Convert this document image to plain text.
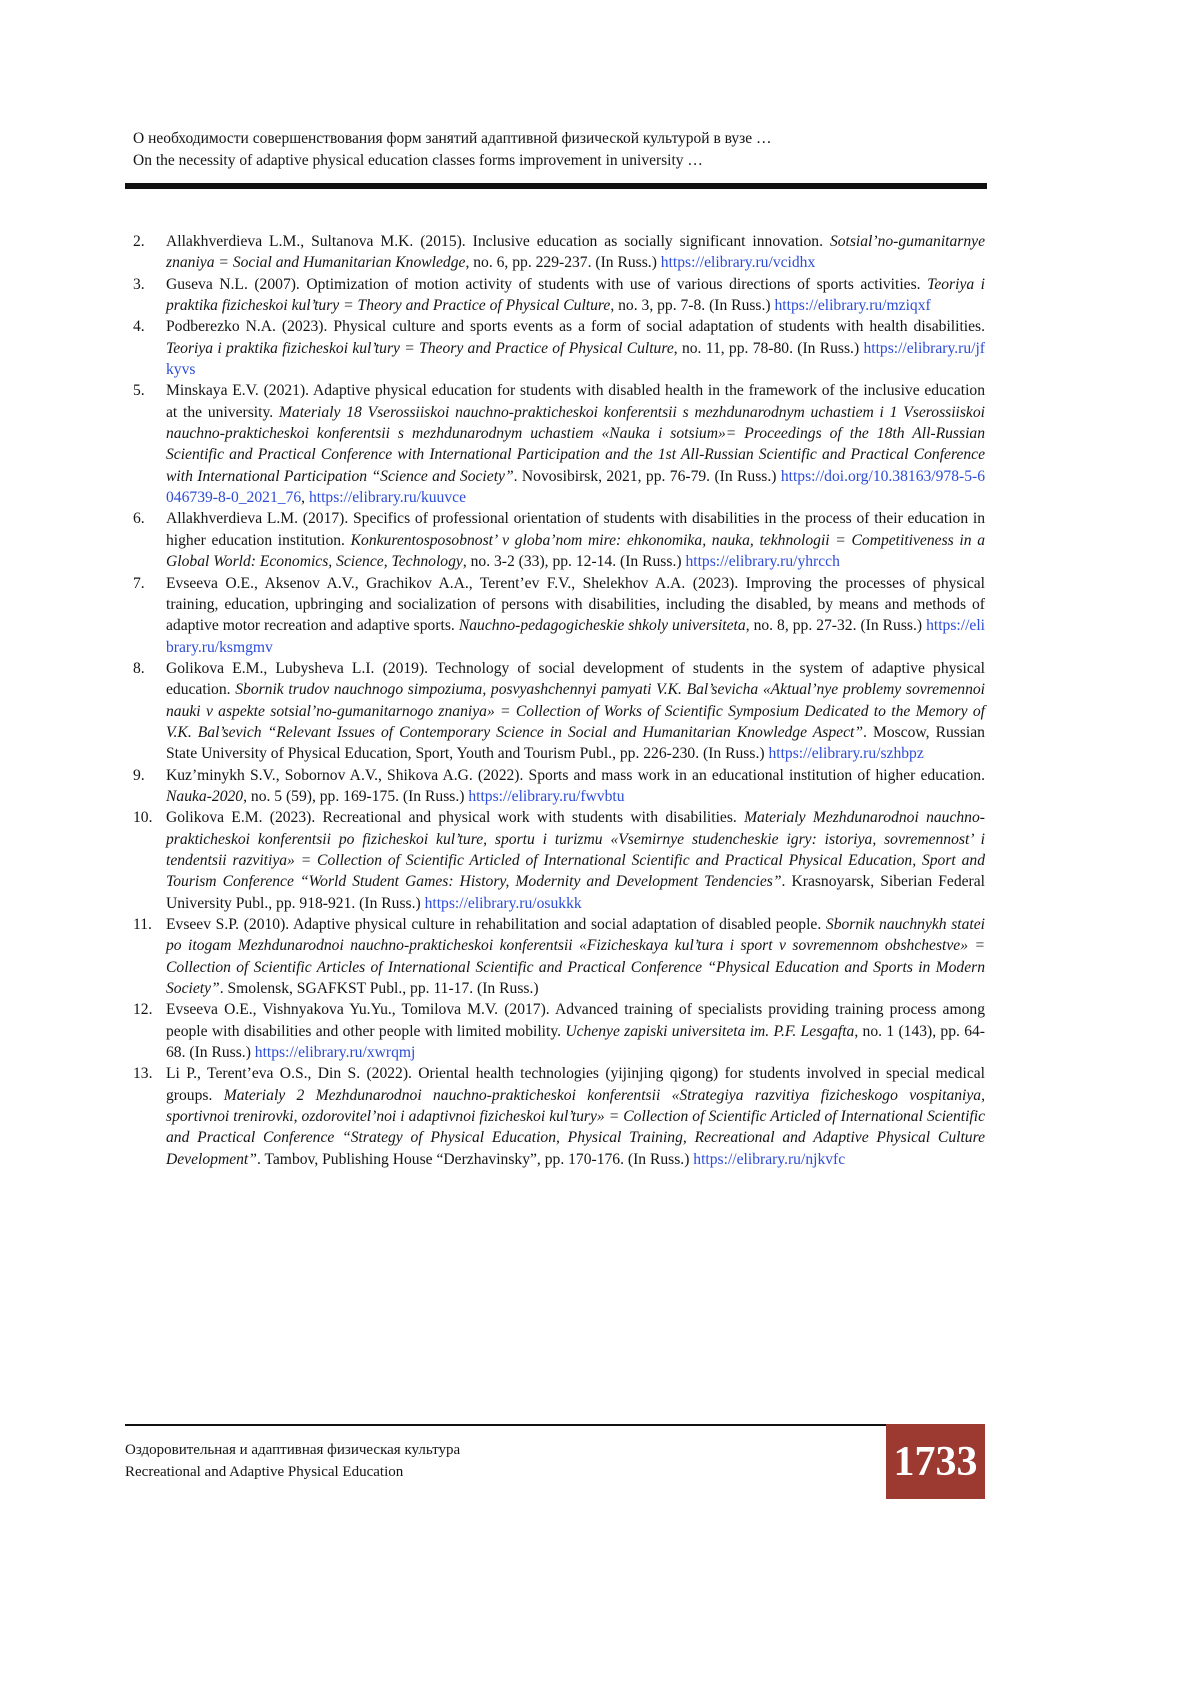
О необходимости совершенствования форм занятий адаптивной физической культурой в вузе …
On the necessity of adaptive physical education classes forms improvement in university …
2.	Allakhverdieva L.M., Sultanova M.K. (2015). Inclusive education as socially significant innovation. Sotsial’no-gumanitarnye znaniya = Social and Humanitarian Knowledge, no. 6, pp. 229-237. (In Russ.) https://elibrary.ru/vcidhx
3.	Guseva N.L. (2007). Optimization of motion activity of students with use of various directions of sports activities. Teoriya i praktika fizicheskoi kul’tury = Theory and Practice of Physical Culture, no. 3, pp. 7-8. (In Russ.) https://elibrary.ru/mziqxf
4.	Podberezko N.A. (2023). Physical culture and sports events as a form of social adaptation of students with health disabilities. Teoriya i praktika fizicheskoi kul’tury = Theory and Practice of Physical Culture, no. 11, pp. 78-80. (In Russ.) https://elibrary.ru/jfkyvs
5.	Minskaya E.V. (2021). Adaptive physical education for students with disabled health in the framework of the inclusive education at the university. Materialy 18 Vserossiiskoi nauchno-prakticheskoi konferentsii s mezhdunarodnym uchastiem i 1 Vserossiiskoi nauchno-prakticheskoi konferentsii s mezhdunarodnym uchastiem «Nauka i sotsium»= Proceedings of the 18th All-Russian Scientific and Practical Conference with International Participation and the 1st All-Russian Scientific and Practical Conference with International Participation “Science and Society”. Novosibirsk, 2021, pp. 76-79. (In Russ.) https://doi.org/10.38163/978-5-6046739-8-0_2021_76, https://elibrary.ru/kuuvce
6.	Allakhverdieva L.M. (2017). Specifics of professional orientation of students with disabilities in the process of their education in higher education institution. Konkurentosposobnost’ v globa’nom mire: ehkonomika, nauka, tekhnologii = Competitiveness in a Global World: Economics, Science, Technology, no. 3-2 (33), pp. 12-14. (In Russ.) https://elibrary.ru/yhrcch
7.	Evseeva O.E., Aksenov A.V., Grachikov A.A., Terent’ev F.V., Shelekhov A.A. (2023). Improving the processes of physical training, education, upbringing and socialization of persons with disabilities, including the disabled, by means and methods of adaptive motor recreation and adaptive sports. Nauchno-pedagogicheskie shkoly universiteta, no. 8, pp. 27-32. (In Russ.) https://elibrary.ru/ksmgmv
8.	Golikova E.M., Lubysheva L.I. (2019). Technology of social development of students in the system of adaptive physical education. Sbornik trudov nauchnogo simpoziuma, posvyashchennyi pamyati V.K. Bal’sevicha «Aktual’nye problemy sovremennoi nauki v aspekte sotsial’no-gumanitarnogo znaniya» = Collection of Works of Scientific Symposium Dedicated to the Memory of V.K. Bal’sevich “Relevant Issues of Contemporary Science in Social and Humanitarian Knowledge Aspect”. Moscow, Russian State University of Physical Education, Sport, Youth and Tourism Publ., pp. 226-230. (In Russ.) https://elibrary.ru/szhbpz
9.	Kuz’minykh S.V., Sobornov A.V., Shikova A.G. (2022). Sports and mass work in an educational institution of higher education. Nauka-2020, no. 5 (59), pp. 169-175. (In Russ.) https://elibrary.ru/fwvbtu
10. Golikova E.M. (2023). Recreational and physical work with students with disabilities. Materialy Mezhdunarodnoi nauchno-prakticheskoi konferentsii po fizicheskoi kul’ture, sportu i turizmu «Vsemirnye studencheskie igry: istoriya, sovremennost’ i tendentsii razvitiya» = Collection of Scientific Articled of International Scientific and Practical Physical Education, Sport and Tourism Conference “World Student Games: History, Modernity and Development Tendencies”. Krasnoyarsk, Siberian Federal University Publ., pp. 918-921. (In Russ.) https://elibrary.ru/osukkk
11. Evseev S.P. (2010). Adaptive physical culture in rehabilitation and social adaptation of disabled people. Sbornik nauchnykh statei po itogam Mezhdunarodnoi nauchno-prakticheskoi konferentsii «Fizicheskaya kul’tura i sport v sovremennom obshchestve» = Collection of Scientific Articles of International Scientific and Practical Conference “Physical Education and Sports in Modern Society”. Smolensk, SGAFKST Publ., pp. 11-17. (In Russ.)
12. Evseeva O.E., Vishnyakova Yu.Yu., Tomilova M.V. (2017). Advanced training of specialists providing training process among people with disabilities and other people with limited mobility. Uchenye zapiski universiteta im. P.F. Lesgafta, no. 1 (143), pp. 64-68. (In Russ.) https://elibrary.ru/xwrqmj
13. Li P., Terent’eva O.S., Din S. (2022). Oriental health technologies (yijinjing qigong) for students involved in special medical groups. Materialy 2 Mezhdunarodnoi nauchno-prakticheskoi konferentsii «Strategiya razvitiya fizicheskogo vospitaniya, sportivnoi trenirovki, ozdorovitel’noi i adaptivnoi fizicheskoi kul’tury» = Collection of Scientific Articled of International Scientific and Practical Conference “Strategy of Physical Education, Physical Training, Recreational and Adaptive Physical Culture Development”. Tambov, Publishing House “Derzhavinsky”, pp. 170-176. (In Russ.) https://elibrary.ru/njkvfc
Оздоровительная и адаптивная физическая культура
Recreational and Adaptive Physical Education	1733
